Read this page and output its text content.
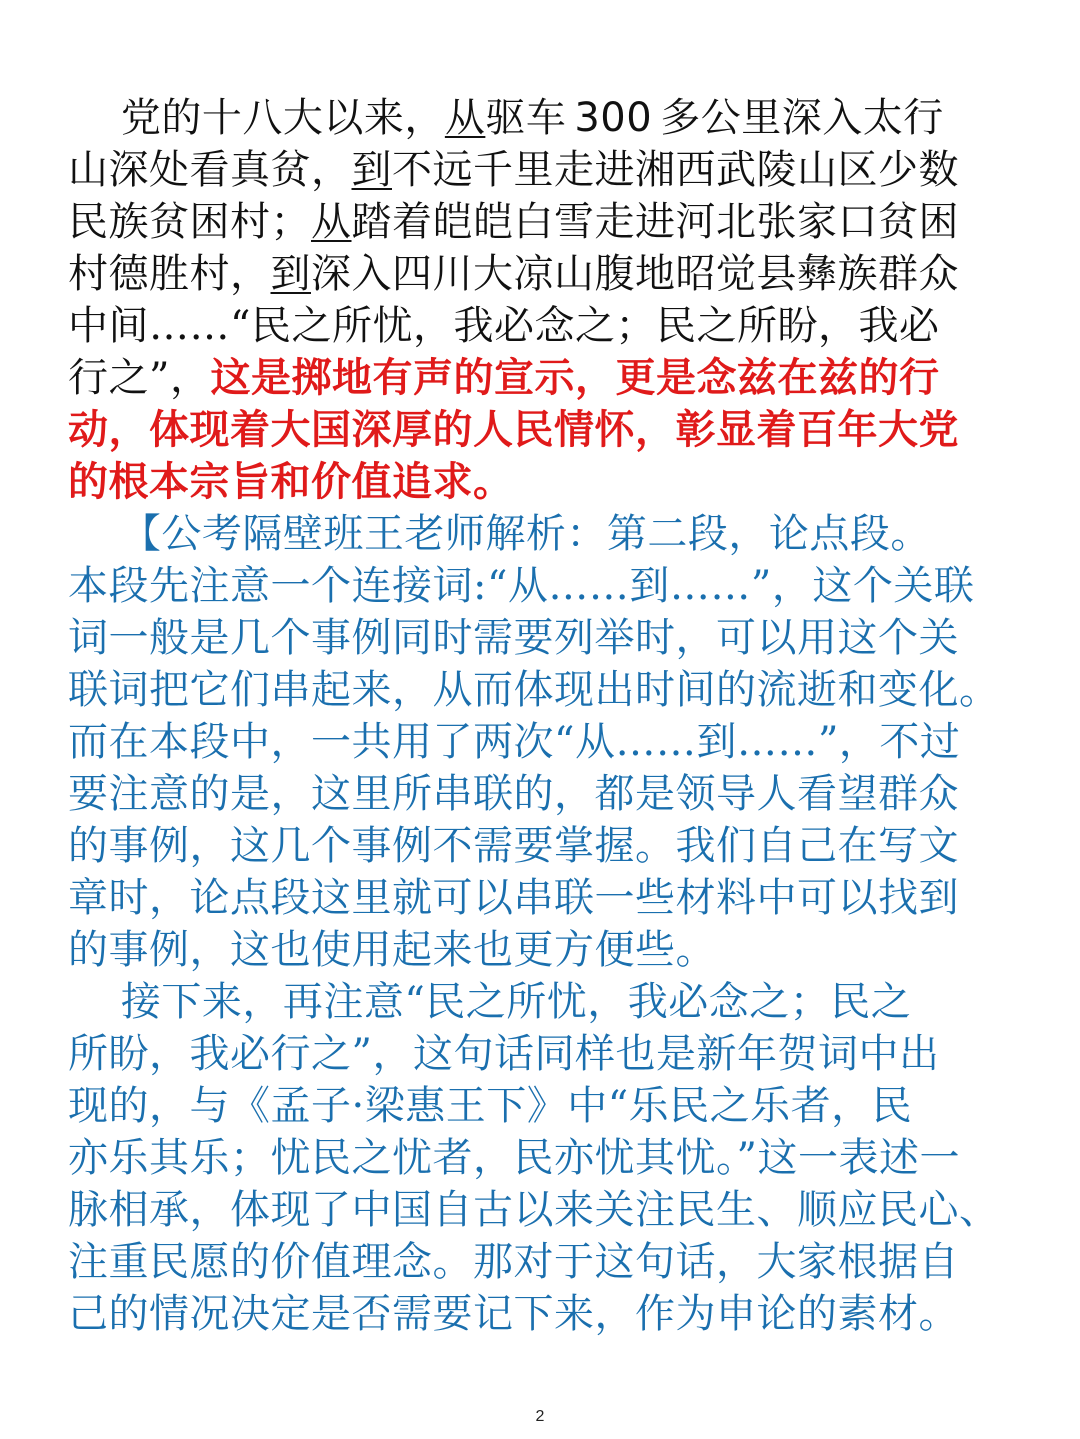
党的十八大以来，从驱车 300 多公里深入太行
山深处看真贫，到不远千里走进湘西武陵山区少数
民族贫困村；从踏着皑皑白雪走进河北张家口贫困
村德胜村，到深入四川大凉山腹地昭觉县彝族群众
中间……“民之所忧，我必念之；民之所盼，我必
行之”，这是掷地有声的宣示，更是念兹在兹的行
动，体现着大国深厚的人民情怀，彰显着百年大党
的根本宗旨和价值追求。
【公考隔壁班王老师解析：第二段，论点段。
本段先注意一个连接词:“从……到……”，这个关联
词一般是几个事例同时需要列举时，可以用这个关
联词把它们串起来，从而体现出时间的流逝和变化。
而在本段中，一共用了两次“从……到……”，不过
要注意的是，这里所串联的，都是领导人看望群众
的事例，这几个事例不需要掌握。我们自己在写文
章时，论点段这里就可以串联一些材料中可以找到
的事例，这也使用起来也更方便些。
接下来，再注意“民之所忧，我必念之；民之
所盼，我必行之”，这句话同样也是新年贺词中出
现的，与《孟子·梁惠王下》中“乐民之乐者，民
亦乐其乐；忧民之忧者，民亦忧其忧。”这一表述一
脉相承，体现了中国自古以来关注民生、顺应民心、
注重民愿的价值理念。那对于这句话，大家根据自
己的情况决定是否需要记下来，作为申论的素材。
2
